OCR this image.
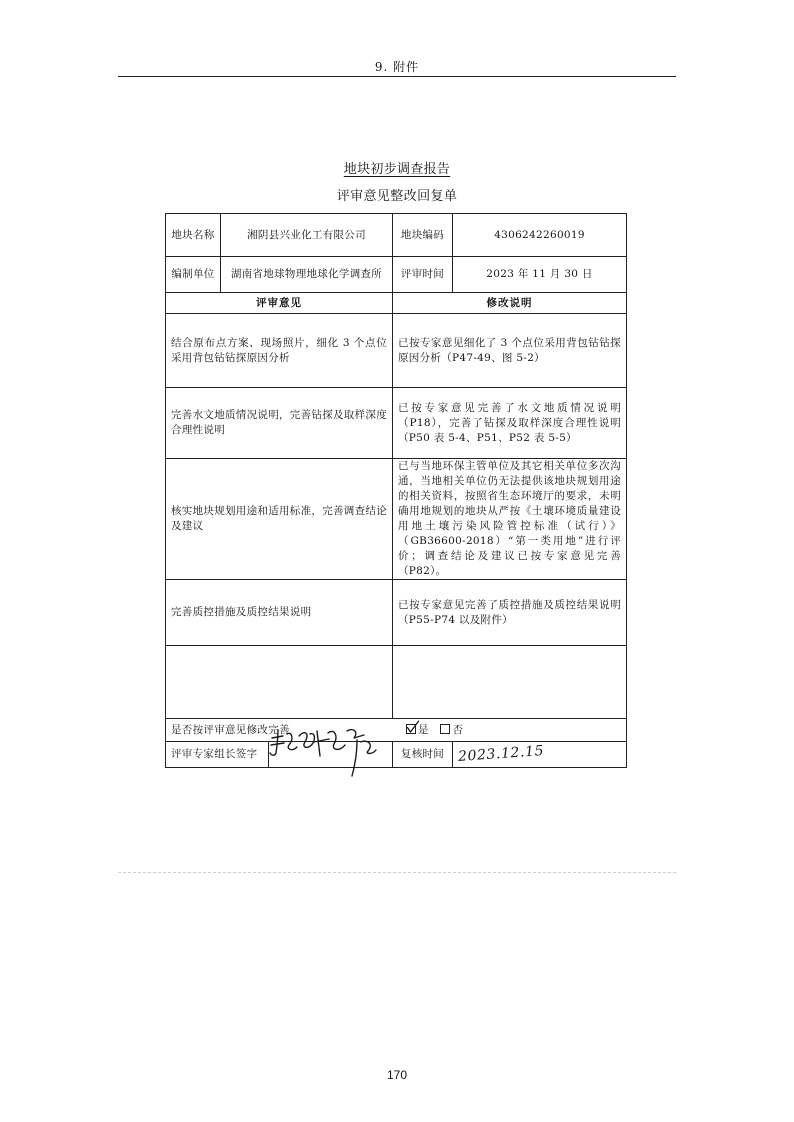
9. 附件
地块初步调查报告
评审意见整改回复单
地块名称	湘阴县兴业化工有限公司		地块编码	4306242260019
编制单位	湖南省地球物理地球化学调查所		评审时间	2023 年 11 月 30 日
评审意见			修改说明	
结合原布点方案、现场照片，细化 3 个点位采用背包钻钻探原因分析			已按专家意见细化了 3 个点位采用背包钻钻探原因分析（P47-49、图 5-2）	
完善水文地质情况说明，完善钻探及取样深度合理性说明			已按专家意见完善了水文地质情况说明（P18），完善了钻探及取样深度合理性说明（P50 表 5-4、P51、P52 表 5-5）	
核实地块规划用途和适用标准，完善调查结论及建议			已与当地环保主管单位及其它相关单位多次沟通，当地相关单位仍无法提供该地块规划用途的相关资料，按照省生态环境厅的要求，未明确用地规划的地块从严按《土壤环境质量建设用地土壤污染风险管控标准（试行）》（GB36600-2018）“第一类用地”进行评价；调查结论及建议已按专家意见完善（P82）。	
完善质控措施及质控结果说明			已按专家意见完善了质控措施及质控结果说明（P55-P74 以及附件）	

是否按评审意见修改完善 是 否				

评审专家组长签字			复核时间	2023.12.15
170
